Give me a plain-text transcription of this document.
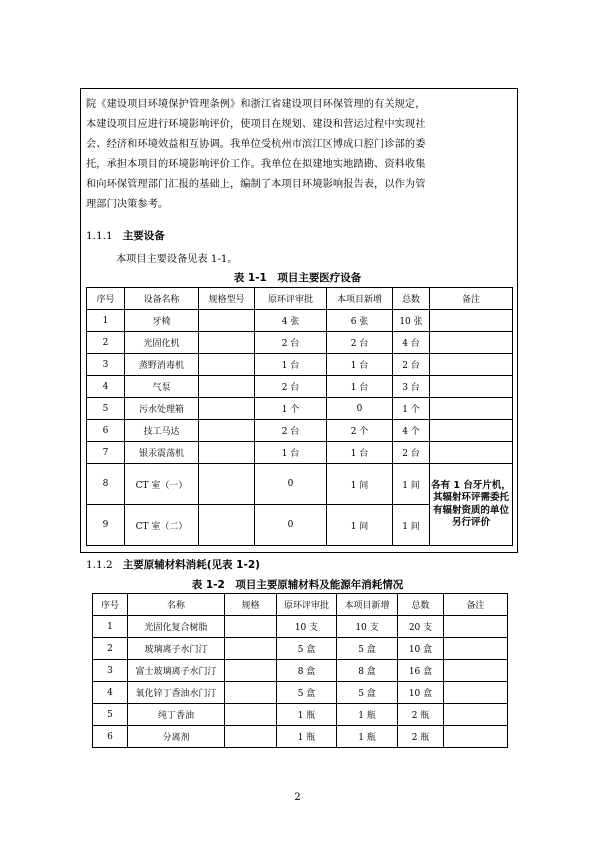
院《建设项目环境保护管理条例》和浙江省建设项目环保管理的有关规定，
本建设项目应进行环境影响评价，使项目在规划、建设和营运过程中实现社
会、经济和环境效益相互协调。我单位受杭州市滨江区博成口腔门诊部的委
托，承担本项目的环境影响评价工作。我单位在拟建地实地踏勘、资料收集
和向环保管理部门汇报的基础上，编制了本项目环境影响报告表，以作为管
理部门决策参考。
1.1.1 主要设备
本项目主要设备见表 1-1。
表 1-1　项目主要医疗设备
序号	设备名称	规格型号	原环评审批	本项目新增	总数	备注
1	牙椅		4 张	6 张	10 张	
2	光固化机		2 台	2 台	4 台	
3	蒸野消毒机		1 台	1 台	2 台	
4	气泵		2 台	1 台	3 台	
5	污水处理箱		1 个	0	1 个	
6	技工马达		2 台	2 个	4 个	
7	银汞震荡机		1 台	1 台	2 台	
8	CT 室（一）		0	1 间	1 间	各有 1 台牙片机，其辐射环评需委托有辐射资质的单位另行评价
9	CT 室（二）		0	1 间	1 间	
1.1.2 主要原辅材料消耗(见表 1-2)
表 1-2　项目主要原辅材料及能源年消耗情况
序号	名称	规格	原环评审批	本项目新增	总数	备注
1	光固化复合树脂		10 支	10 支	20 支	
2	玻璃离子水门汀		5 盒	5 盒	10 盒	
3	富士玻璃离子水门汀		8 盒	8 盒	16 盒	
4	氧化锌丁香油水门汀		5 盒	5 盒	10 盒	
5	纯丁香油		1 瓶	1 瓶	2 瓶	
6	分离剂		1 瓶	1 瓶	2 瓶	
2
